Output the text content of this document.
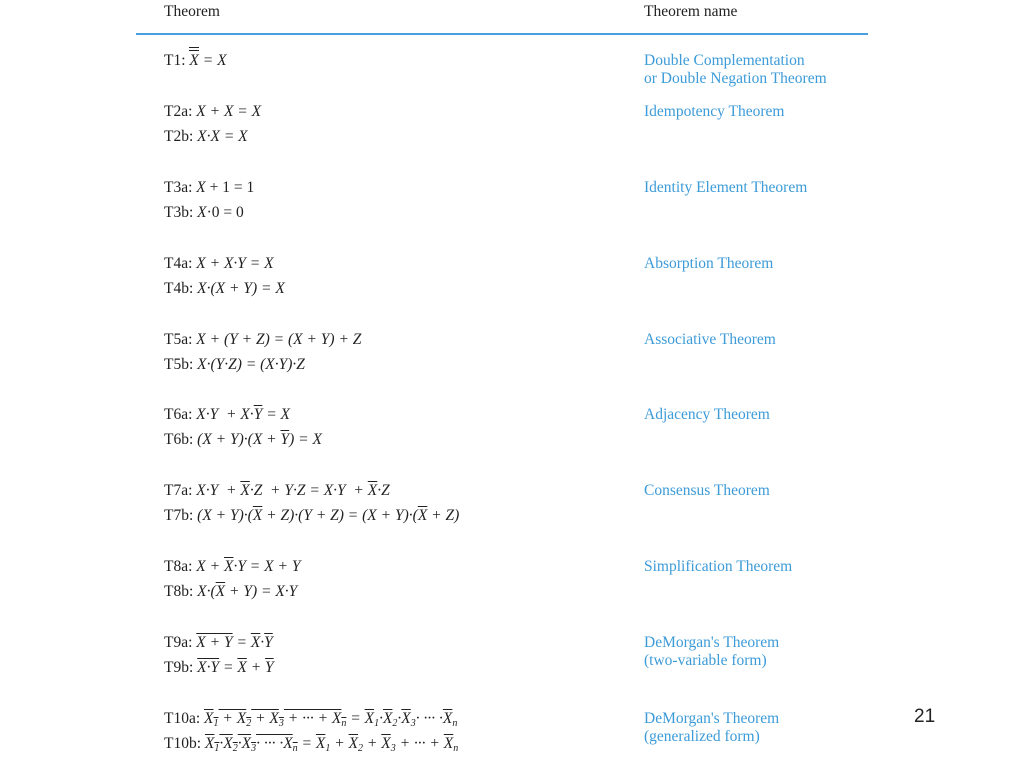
Theorem	Theorem name
T1: X = X	Double Complementation
or Double Negation Theorem
T2a: X + X = X
T2b: X·X = X
Idempotency Theorem
T3a: X + 1 = 1
T3b: X·0 = 0
Identity Element Theorem
T4a: X + X·Y = X
T4b: X·(X + Y) = X
Absorption Theorem
T5a: X + (Y + Z) = (X + Y) + Z
T5b: X·(Y·Z) = (X·Y)·Z
Associative Theorem
T6a: $X\cdot Y + X\cdot\overline{Y} = X$
T6b: $(X + Y)\cdot(X + \overline{Y}) = X$
Adjacency Theorem
T7a: $X\cdot Y + \overline{X}\cdot Z + Y\cdot Z = X\cdot Y + \overline{X}\cdot Z$
T7b: $(X + Y)\cdot(\overline{X} + Z)\cdot(Y + Z) = (X + Y)\cdot(\overline{X} + Z)$
Consensus Theorem
T8a: $X + \overline{X}\cdot Y = X + Y$
T8b: $X\cdot(\overline{X} + Y) = X\cdot Y$
Simplification Theorem
T9a: $X + Y = \overline{X}\cdot\overline{Y}$
T9b: $X\cdot Y = \overline{X} + \overline{Y}$
DeMorgan's Theorem
(two-variable form)
T10a: $X_1 + X_2 + X_3$ + ··· + $X_n = \overline{X}_1\cdot\overline{X}_2\cdot\overline{X}_3\cdot$ ··· $\cdot\overline{X}_n$
T10b: $X_1\cdot X_2\cdot X_3\cdot$ ··· $\cdot X_n = \overline{X}_1 + \overline{X}_2 + \overline{X}_3$ + ··· + $\overline{X}_n$
DeMorgan's Theorem
(generalized form)
21
